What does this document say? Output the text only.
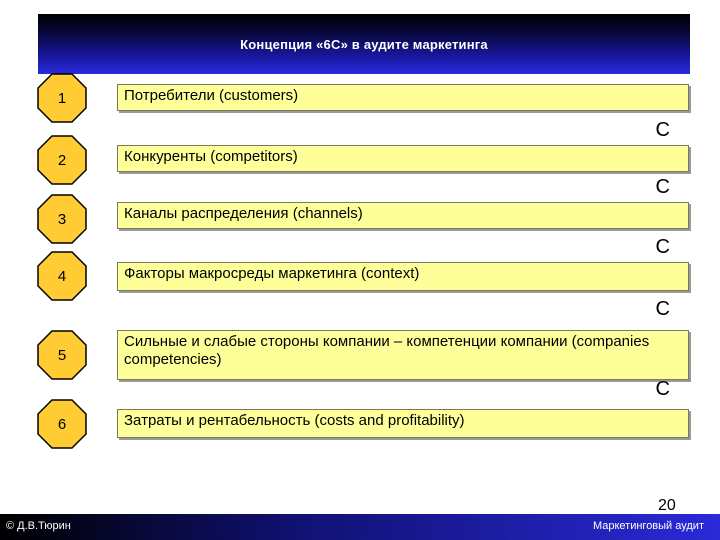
Концепция «6С» в аудите маркетинга
1	Потребители (customers)
С
2	Конкуренты (competitors)
С
3	Каналы распределения (channels)
С
4	Факторы макросреды маркетинга (context)
С
5
Сильные и слабые стороны компании – компетенции компании (companies competencies)
С
6	Затраты и рентабельность (costs and profitability)
20
© Д.В.Тюрин	Маркетинговый аудит
